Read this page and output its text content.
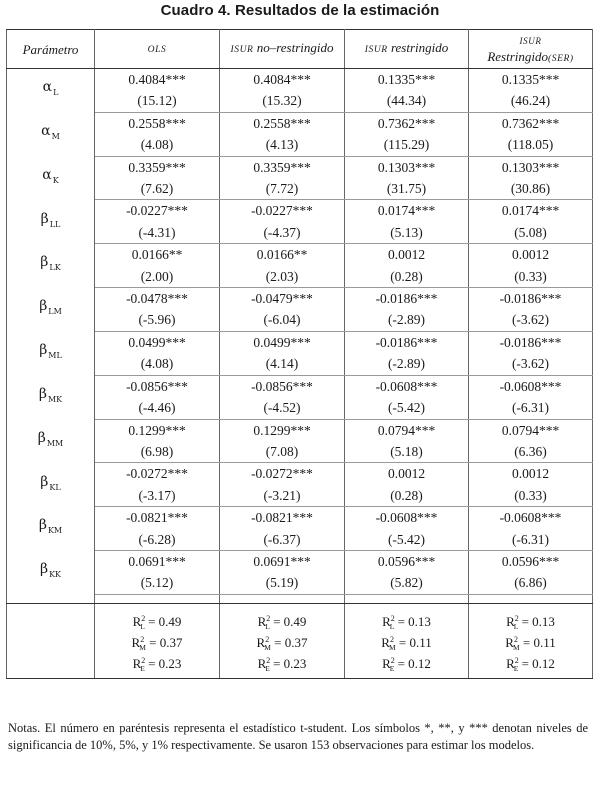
Cuadro 4. Resultados de la estimación
Parámetro	OLS	ISUR no–restringido	ISUR restringido	ISUR
Restringido(SER)
$\alpha_L$	0.4084***	0.4084***	0.1335***	0.1335***
	(15.12)	(15.32)	(44.34)	(46.24)
$\alpha_M$	0.2558***	0.2558***	0.7362***	0.7362***
	(4.08)	(4.13)	(115.29)	(118.05)
$\alpha_K$	0.3359***	0.3359***	0.1303***	0.1303***
	(7.62)	(7.72)	(31.75)	(30.86)
$\beta_{LL}$	-0.0227***	-0.0227***	0.0174***	0.0174***
	(-4.31)	(-4.37)	(5.13)	(5.08)
$\beta_{LK}$	0.0166**	0.0166**	0.0012	0.0012
	(2.00)	(2.03)	(0.28)	(0.33)
$\beta_{LM}$	-0.0478***	-0.0479***	-0.0186***	-0.0186***
	(-5.96)	(-6.04)	(-2.89)	(-3.62)
$\beta_{ML}$	0.0499***	0.0499***	-0.0186***	-0.0186***
	(4.08)	(4.14)	(-2.89)	(-3.62)
$\beta_{MK}$	-0.0856***	-0.0856***	-0.0608***	-0.0608***
	(-4.46)	(-4.52)	(-5.42)	(-6.31)
$\beta_{MM}$	0.1299***	0.1299***	0.0794***	0.0794***
	(6.98)	(7.08)	(5.18)	(6.36)
$\beta_{KL}$	-0.0272***	-0.0272***	0.0012	0.0012
	(-3.17)	(-3.21)	(0.28)	(0.33)
$\beta_{KM}$	-0.0821***	-0.0821***	-0.0608***	-0.0608***
	(-6.28)	(-6.37)	(-5.42)	(-6.31)
$\beta_{KK}$	0.0691***	0.0691***	0.0596***	0.0596***
	(5.12)	(5.19)	(5.82)	(6.86)

	$R^2_L = 0.49$	$R^2_L = 0.49$	$R^2_L = 0.13$	$R^2_L = 0.13$
	$R^2_M = 0.37$	$R^2_M = 0.37$	$R^2_M = 0.11$	$R^2_M = 0.11$
	$R^2_E = 0.23$	$R^2_E = 0.23$	$R^2_E = 0.12$	$R^2_E = 0.12$
Notas. El número en paréntesis representa el estadístico t-student. Los símbolos *, **, y *** denotan niveles de significancia de 10%, 5%, y 1% respectivamente. Se usaron 153 observaciones para estimar los modelos.
